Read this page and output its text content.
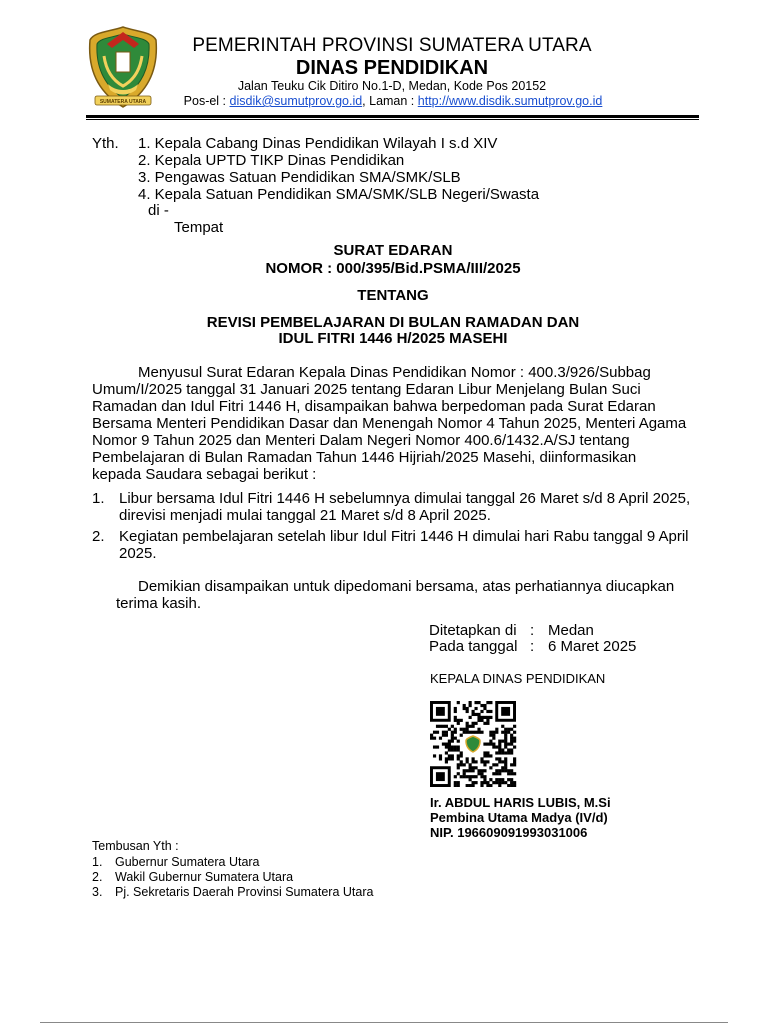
SUMATERA UTARA
PEMERINTAH PROVINSI SUMATERA UTARA
DINAS PENDIDIKAN
Jalan Teuku Cik Ditiro No.1-D, Medan, Kode Pos 20152
Pos-el : disdik@sumutprov.go.id, Laman : http://www.disdik.sumutprov.go.id
Yth. 1. Kepala Cabang Dinas Pendidikan Wilayah I s.d XIV
2. Kepala UPTD TIKP Dinas Pendidikan
3. Pengawas Satuan Pendidikan SMA/SMK/SLB
4. Kepala Satuan Pendidikan SMA/SMK/SLB Negeri/Swasta
di -
Tempat
SURAT EDARAN
NOMOR : 000/395/Bid.PSMA/III/2025
TENTANG
REVISI PEMBELAJARAN DI BULAN RAMADAN DAN
IDUL FITRI 1446 H/2025 MASEHI
Menyusul Surat Edaran Kepala Dinas Pendidikan Nomor : 400.3/926/Subbag
Umum/I/2025 tanggal 31 Januari 2025 tentang Edaran Libur Menjelang Bulan Suci
Ramadan dan Idul Fitri 1446 H, disampaikan bahwa berpedoman pada Surat Edaran
Bersama Menteri Pendidikan Dasar dan Menengah Nomor 4 Tahun 2025, Menteri Agama
Nomor 9 Tahun 2025 dan Menteri Dalam Negeri Nomor 400.6/1432.A/SJ tentang
Pembelajaran di Bulan Ramadan Tahun 1446 Hijriah/2025 Masehi, diinformasikan
kepada Saudara sebagai berikut :
1. Libur bersama Idul Fitri 1446 H sebelumnya dimulai tanggal 26 Maret s/d 8 April 2025,
direvisi menjadi mulai tanggal 21 Maret s/d 8 April 2025.
2. Kegiatan pembelajaran setelah libur Idul Fitri 1446 H dimulai hari Rabu tanggal 9 April
2025.
Demikian disampaikan untuk dipedomani bersama, atas perhatiannya diucapkan
terima kasih.
Ditetapkan di : Medan
Pada tanggal : 6 Maret 2025
KEPALA DINAS PENDIDIKAN
Ir. ABDUL HARIS LUBIS, M.Si
Pembina Utama Madya (IV/d)
NIP. 196609091993031006
Tembusan Yth :
1. Gubernur Sumatera Utara
2. Wakil Gubernur Sumatera Utara
3. Pj. Sekretaris Daerah Provinsi Sumatera Utara
